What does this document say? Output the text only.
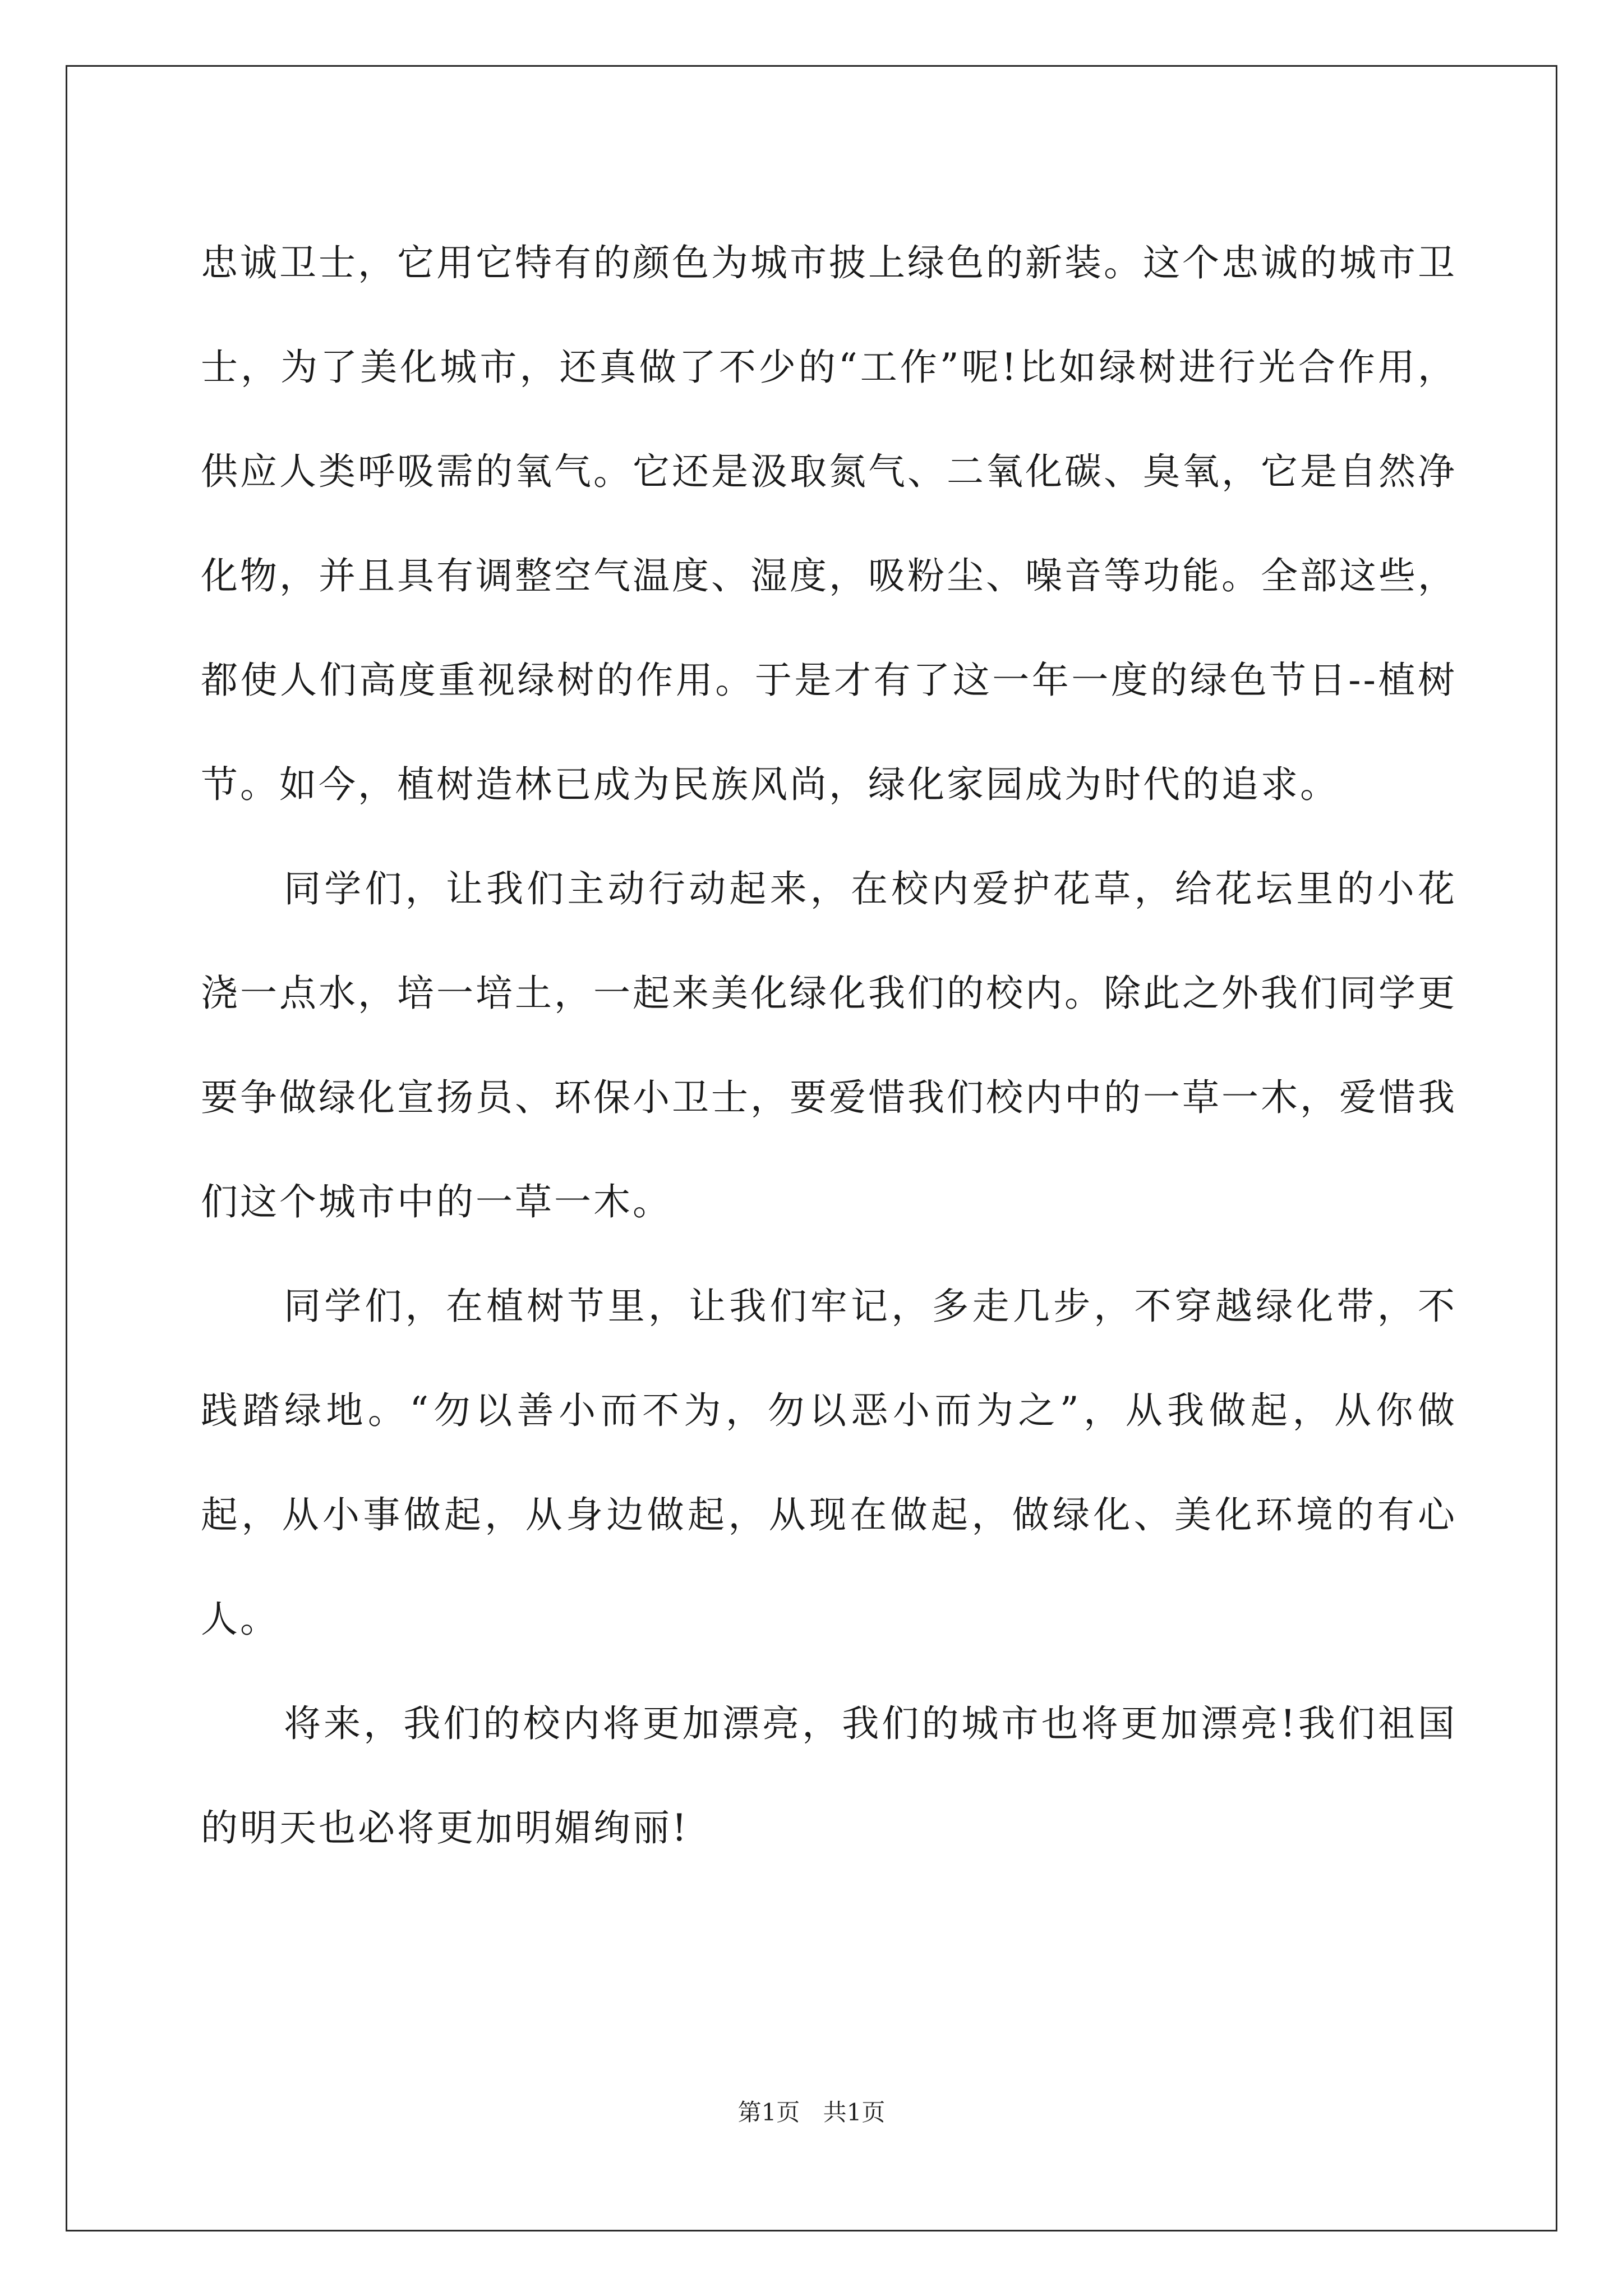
忠诚卫士，它用它特有的颜色为城市披上绿色的新装。这个忠诚的城市卫士，为了美化城市，还真做了不少的“工作”呢!比如绿树进行光合作用，供应人类呼吸需的氧气。它还是汲取氮气、二氧化碳、臭氧，它是自然净化物，并且具有调整空气温度、湿度，吸粉尘、噪音等功能。全部这些，都使人们高度重视绿树的作用。于是才有了这一年一度的绿色节日--植树节。如今，植树造林已成为民族风尚，绿化家园成为时代的追求。

同学们，让我们主动行动起来，在校内爱护花草，给花坛里的小花浇一点水，培一培土，一起来美化绿化我们的校内。除此之外我们同学更要争做绿化宣扬员、环保小卫士，要爱惜我们校内中的一草一木，爱惜我们这个城市中的一草一木。

同学们，在植树节里，让我们牢记，多走几步，不穿越绿化带，不践踏绿地。“勿以善小而不为，勿以恶小而为之”，从我做起，从你做起，从小事做起，从身边做起，从现在做起，做绿化、美化环境的有心人。

将来，我们的校内将更加漂亮，我们的城市也将更加漂亮!我们祖国的明天也必将更加明媚绚丽!

第1页 共1页
